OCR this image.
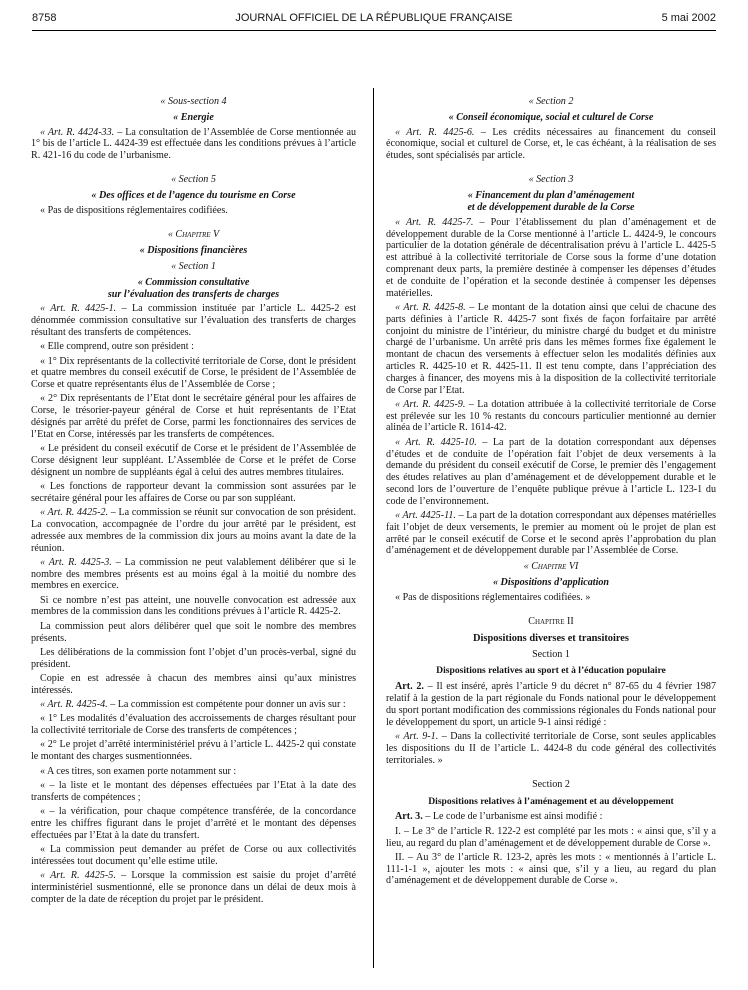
8758	JOURNAL OFFICIEL DE LA RÉPUBLIQUE FRANÇAISE	5 mai 2002

« Sous-section 4

« Energie

« Art. R. 4424-33. – La consultation de l’Assemblée de Corse mentionnée au 1° bis de l’article L. 4424-39 est effectuée dans les conditions prévues à l’article R. 421-16 du code de l’urbanisme.

« Section 5

« Des offices et de l’agence du tourisme en Corse

« Pas de dispositions réglementaires codifiées.

« Chapitre V

« Dispositions financières

« Section 1

« Commission consultative

sur l’évaluation des transferts de charges

« Art. R. 4425-1. – La commission instituée par l’article L. 4425-2 est dénommée commission consultative sur l’évaluation des transferts de charges résultant des transferts de compétences.

« Elle comprend, outre son président :

« 1° Dix représentants de la collectivité territoriale de Corse, dont le président et quatre membres du conseil exécutif de Corse, le président de l’Assemblée de Corse et quatre représentants élus de l’Assemblée de Corse ;

« 2° Dix représentants de l’Etat dont le secrétaire général pour les affaires de Corse, le trésorier-payeur général de Corse et huit représentants de l’Etat désignés par arrêté du préfet de Corse, parmi les fonctionnaires des services de l’Etat en Corse, intéressés par les transferts de compétences.

« Le président du conseil exécutif de Corse et le président de l’Assemblée de Corse désignent leur suppléant. L’Assemblée de Corse et le préfet de Corse désignent un nombre de suppléants égal à celui des autres membres titulaires.

« Les fonctions de rapporteur devant la commission sont assurées par le secrétaire général pour les affaires de Corse ou par son suppléant.

« Art. R. 4425-2. – La commission se réunit sur convocation de son président. La convocation, accompagnée de l’ordre du jour arrêté par le président, est adressée aux membres de la commission dix jours au moins avant la date de la réunion.

« Art. R. 4425-3. – La commission ne peut valablement délibérer que si le nombre des membres présents est au moins égal à la moitié du nombre des membres en exercice.

Si ce nombre n’est pas atteint, une nouvelle convocation est adressée aux membres de la commission dans les conditions prévues à l’article R. 4425-2.

La commission peut alors délibérer quel que soit le nombre des membres présents.

Les délibérations de la commission font l’objet d’un procès-verbal, signé du président.

Copie en est adressée à chacun des membres ainsi qu’aux ministres intéressés.

« Art. R. 4425-4. – La commission est compétente pour donner un avis sur :

« 1° Les modalités d’évaluation des accroissements de charges résultant pour la collectivité territoriale de Corse des transferts de compétences ;

« 2° Le projet d’arrêté interministériel prévu à l’article L. 4425-2 qui constate le montant des charges susmentionnées.

« A ces titres, son examen porte notamment sur :

« – la liste et le montant des dépenses effectuées par l’Etat à la date des transferts de compétences ;

« – la vérification, pour chaque compétence transférée, de la concordance entre les chiffres figurant dans le projet d’arrêté et le montant des dépenses effectuées par l’Etat à la date du transfert.

« La commission peut demander au préfet de Corse ou aux collectivités intéressées tout document qu’elle estime utile.

« Art. R. 4425-5. – Lorsque la commission est saisie du projet d’arrêté interministériel susmentionné, elle se prononce dans un délai de deux mois à compter de la date de réception du projet par le président.

« Section 2

« Conseil économique, social et culturel de Corse

« Art. R. 4425-6. – Les crédits nécessaires au financement du conseil économique, social et culturel de Corse, et, le cas échéant, à la réalisation de ses études, sont spécialisés par article.

« Section 3

« Financement du plan d’aménagement

et de développement durable de la Corse

« Art. R. 4425-7. – Pour l’établissement du plan d’aménagement et de développement durable de la Corse mentionné à l’article L. 4424-9, le concours particulier de la dotation générale de décentralisation prévu à l’article L. 4425-5 est attribué à la collectivité territoriale de Corse sous la forme d’une dotation comprenant deux parts, la première destinée à compenser les dépenses d’études et de conduite de l’opération et la seconde destinée à compenser les dépenses matérielles.

« Art. R. 4425-8. – Le montant de la dotation ainsi que celui de chacune des parts définies à l’article R. 4425-7 sont fixés de façon forfaitaire par arrêté conjoint du ministre de l’intérieur, du ministre chargé du budget et du ministre chargé de l’urbanisme. Un arrêté pris dans les mêmes formes fixe également le montant de chacun des versements à effectuer selon les modalités définies aux articles R. 4425-10 et R. 4425-11. Il est tenu compte, dans l’appréciation des charges à financer, des moyens mis à la disposition de la collectivité territoriale de Corse par l’Etat.

« Art. R. 4425-9. – La dotation attribuée à la collectivité territoriale de Corse est prélevée sur les 10 % restants du concours particulier mentionné au dernier alinéa de l’article R. 1614-42.

« Art. R. 4425-10. – La part de la dotation correspondant aux dépenses d’études et de conduite de l’opération fait l’objet de deux versements à la demande du président du conseil exécutif de Corse, le premier dès l’engagement des études relatives au plan d’aménagement et de développement durable et le second lors de l’ouverture de l’enquête publique prévue à l’article L. 123-1 du code de l’environnement.

« Art. 4425-11. – La part de la dotation correspondant aux dépenses matérielles fait l’objet de deux versements, le premier au moment où le projet de plan est arrêté par le conseil exécutif de Corse et le second après l’approbation du plan d’aménagement et de développement durable par l’Assemblée de Corse.

« Chapitre VI

« Dispositions d’application

« Pas de dispositions réglementaires codifiées. »

Chapitre II

Dispositions diverses et transitoires

Section 1

Dispositions relatives au sport et à l’éducation populaire

Art. 2. – Il est inséré, après l’article 9 du décret n° 87-65 du 4 février 1987 relatif à la gestion de la part régionale du Fonds national pour le développement du sport portant modification des commissions régionales du Fonds national pour le développement du sport, un article 9-1 ainsi rédigé :

« Art. 9-1. – Dans la collectivité territoriale de Corse, sont seules applicables les dispositions du II de l’article L. 4424-8 du code général des collectivités territoriales. »

Section 2

Dispositions relatives à l’aménagement et au développement

Art. 3. – Le code de l’urbanisme est ainsi modifié :

I. – Le 3° de l’article R. 122-2 est complété par les mots : « ainsi que, s’il y a lieu, au regard du plan d’aménagement et de développement durable de Corse ».

II. – Au 3° de l’article R. 123-2, après les mots : « mentionnés à l’article L. 111-1-1 », ajouter les mots : « ainsi que, s’il y a lieu, au regard du plan d’aménagement et de développement durable de Corse ».
